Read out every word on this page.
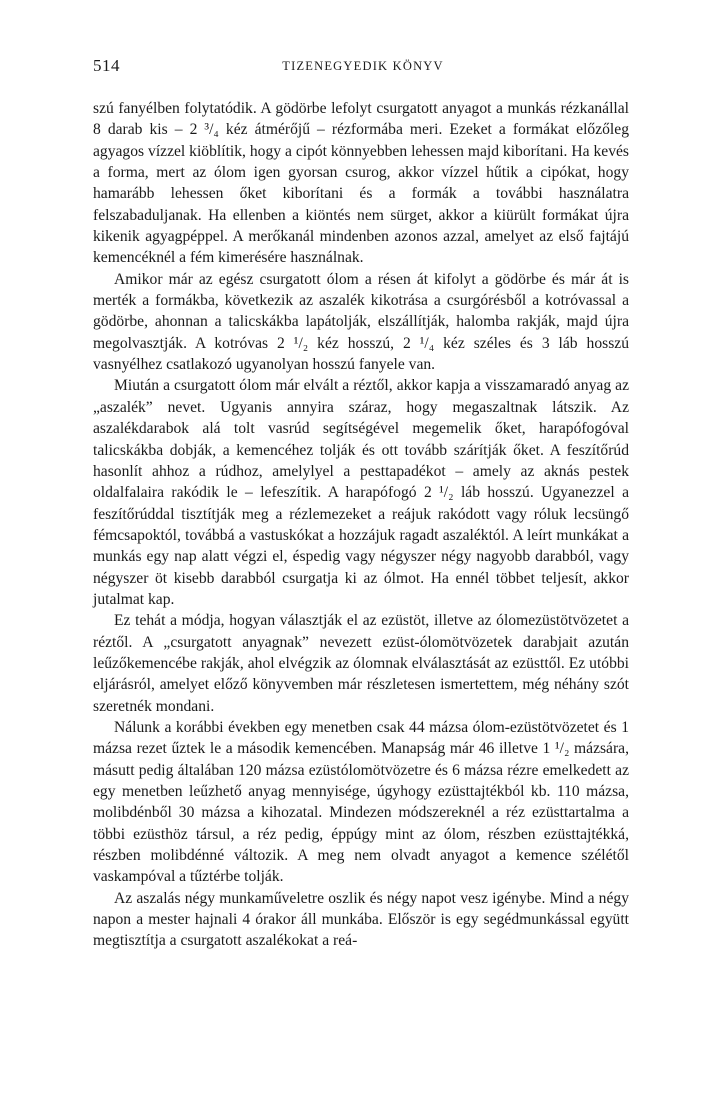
514	TIZENEGYEDIK KÖNYV

szú fanyélben folytatódik. A gödörbe lefolyt csurgatott anyagot a munkás rézkanállal 8 darab kis – 2 ³/₄ kéz átmérőjű – rézformába meri. Ezeket a formákat előzőleg agyagos vízzel kiöblítik, hogy a cipót könnyebben lehessen majd kiborítani. Ha kevés a forma, mert az ólom igen gyorsan csurog, akkor vízzel hűtik a cipókat, hogy hamarább lehessen őket kiborítani és a formák a további használatra felszabaduljanak. Ha ellenben a kiöntés nem sürget, akkor a kiürült formákat újra kikenik agyagpéppel. A merőkanál mindenben azonos azzal, amelyet az első fajtájú kemencéknél a fém kimerésére használnak.

Amikor már az egész csurgatott ólom a résen át kifolyt a gödörbe és már át is merték a formákba, következik az aszalék kikotrása a csurgórésből a kotróvassal a gödörbe, ahonnan a talicskákba lapátolják, elszállítják, halomba rakják, majd újra megolvasztják. A kotróvas 2 ¹/₂ kéz hosszú, 2 ¹/₄ kéz széles és 3 láb hosszú vasnyélhez csatlakozó ugyanolyan hosszú fanyele van.

Miután a csurgatott ólom már elvált a réztől, akkor kapja a visszamaradó anyag az „aszalék” nevet. Ugyanis annyira száraz, hogy megaszaltnak látszik. Az aszalékdarabok alá tolt vasrúd segítségével megemelik őket, harapófogóval talicskákba dobják, a kemencéhez tolják és ott tovább szárítják őket. A feszítőrúd hasonlít ahhoz a rúdhoz, amelylyel a pesttapadékot – amely az aknás pestek oldalfalaira rakódik le – lefeszítik. A harapófogó 2 ¹/₂ láb hosszú. Ugyanezzel a feszítőrúddal tisztítják meg a rézlemezeket a reájuk rakódott vagy róluk lecsüngő fémcsapoktól, továbbá a vastuskókat a hozzájuk ragadt aszaléktól. A leírt munkákat a munkás egy nap alatt végzi el, éspedig vagy négyszer négy nagyobb darabból, vagy négyszer öt kisebb darabból csurgatja ki az ólmot. Ha ennél többet teljesít, akkor jutalmat kap.

Ez tehát a módja, hogyan választják el az ezüstöt, illetve az ólomezüstötvözetet a réztől. A „csurgatott anyagnak” nevezett ezüst-ólomötvözetek darabjait azután leűzőkemencébe rakják, ahol elvégzik az ólomnak elválasztását az ezüsttől. Ez utóbbi eljárásról, amelyet előző könyvemben már részletesen ismertettem, még néhány szót szeretnék mondani.

Nálunk a korábbi években egy menetben csak 44 mázsa ólom-ezüstötvözetet és 1 mázsa rezet űztek le a második kemencében. Manapság már 46 illetve 1 ¹/₂ mázsára, másutt pedig általában 120 mázsa ezüstólomötvözetre és 6 mázsa rézre emelkedett az egy menetben leűzhető anyag mennyisége, úgyhogy ezüsttajtékból kb. 110 mázsa, molibdénből 30 mázsa a kihozatal. Mindezen módszereknél a réz ezüsttartalma a többi ezüsthöz társul, a réz pedig, éppúgy mint az ólom, részben ezüsttajtékká, részben molibdénné változik. A meg nem olvadt anyagot a kemence szélétől vaskampóval a tűztérbe tolják.

Az aszalás négy munkaműveletre oszlik és négy napot vesz igénybe. Mind a négy napon a mester hajnali 4 órakor áll munkába. Először is egy segédmunkással együtt megtisztítja a csurgatott aszalékokat a reá-
